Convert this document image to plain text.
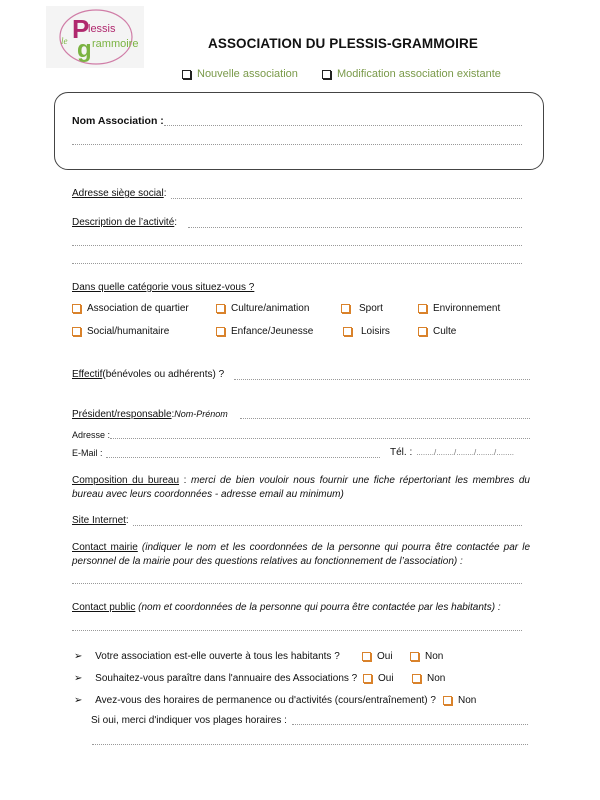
le P
lessis
g rammoire	ASSOCIATION DU PLESSIS-GRAMMOIRE
Nouvelle association	Modification association existante
Nom Association :
Adresse siège social :
Description de l’activité :
Dans quelle catégorie vous situez-vous ?
Association de quartier	Culture/animation	Sport	Environnement
Social/humanitaire	Enfance/Jeunesse	Loisirs	Culte
Effectif (bénévoles ou adhérents) ?
Président/responsable : Nom-Prénom
Adresse :
E-Mail :	Tél. : ......../......../......../......../........
Composition du bureau : merci de bien vouloir nous fournir une fiche répertoriant les membres du bureau avec leurs coordonnées - adresse email au minimum)
Site Internet :
Contact mairie (indiquer le nom et les coordonnées de la personne qui pourra être contactée par le personnel de la mairie pour des questions relatives au fonctionnement de l’association) :
Contact public (nom et coordonnées de la personne qui pourra être contactée par les habitants) :
➢ Votre association est-elle ouverte à tous les habitants ?	Oui	Non
➢ Souhaitez-vous paraître dans l'annuaire des Associations ? Oui	Non
➢ Avez-vous des horaires de permanence ou d'activités (cours/entraînement) ? Non
Si oui, merci d'indiquer vos plages horaires :
